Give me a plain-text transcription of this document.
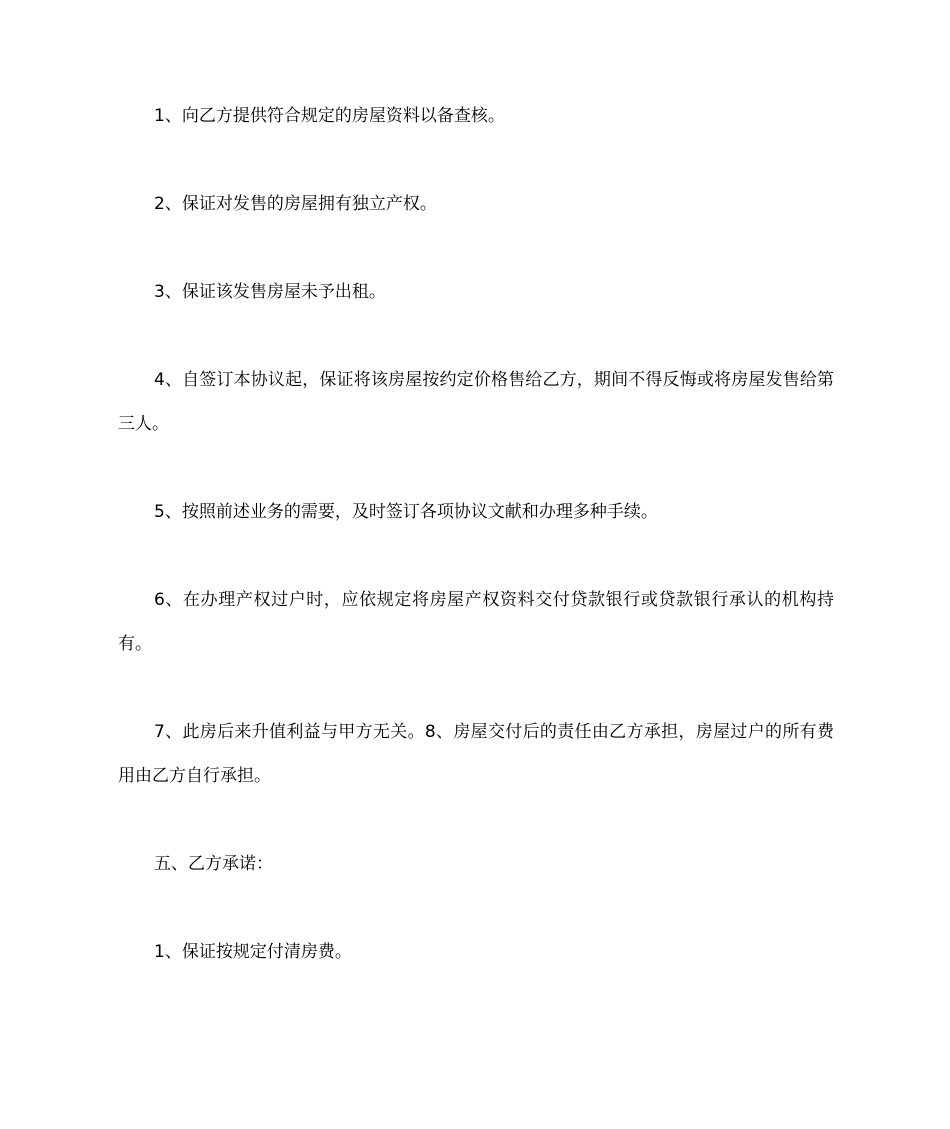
1、向乙方提供符合规定的房屋资料以备查核。

2、保证对发售的房屋拥有独立产权。

3、保证该发售房屋未予出租。

4、自签订本协议起，保证将该房屋按约定价格售给乙方，期间不得反悔或将房屋发售给第三人。

5、按照前述业务的需要，及时签订各项协议文献和办理多种手续。

6、在办理产权过户时，应依规定将房屋产权资料交付贷款银行或贷款银行承认的机构持有。

7、此房后来升值利益与甲方无关。8、房屋交付后的责任由乙方承担，房屋过户的所有费用由乙方自行承担。

五、乙方承诺：

1、保证按规定付清房费。
